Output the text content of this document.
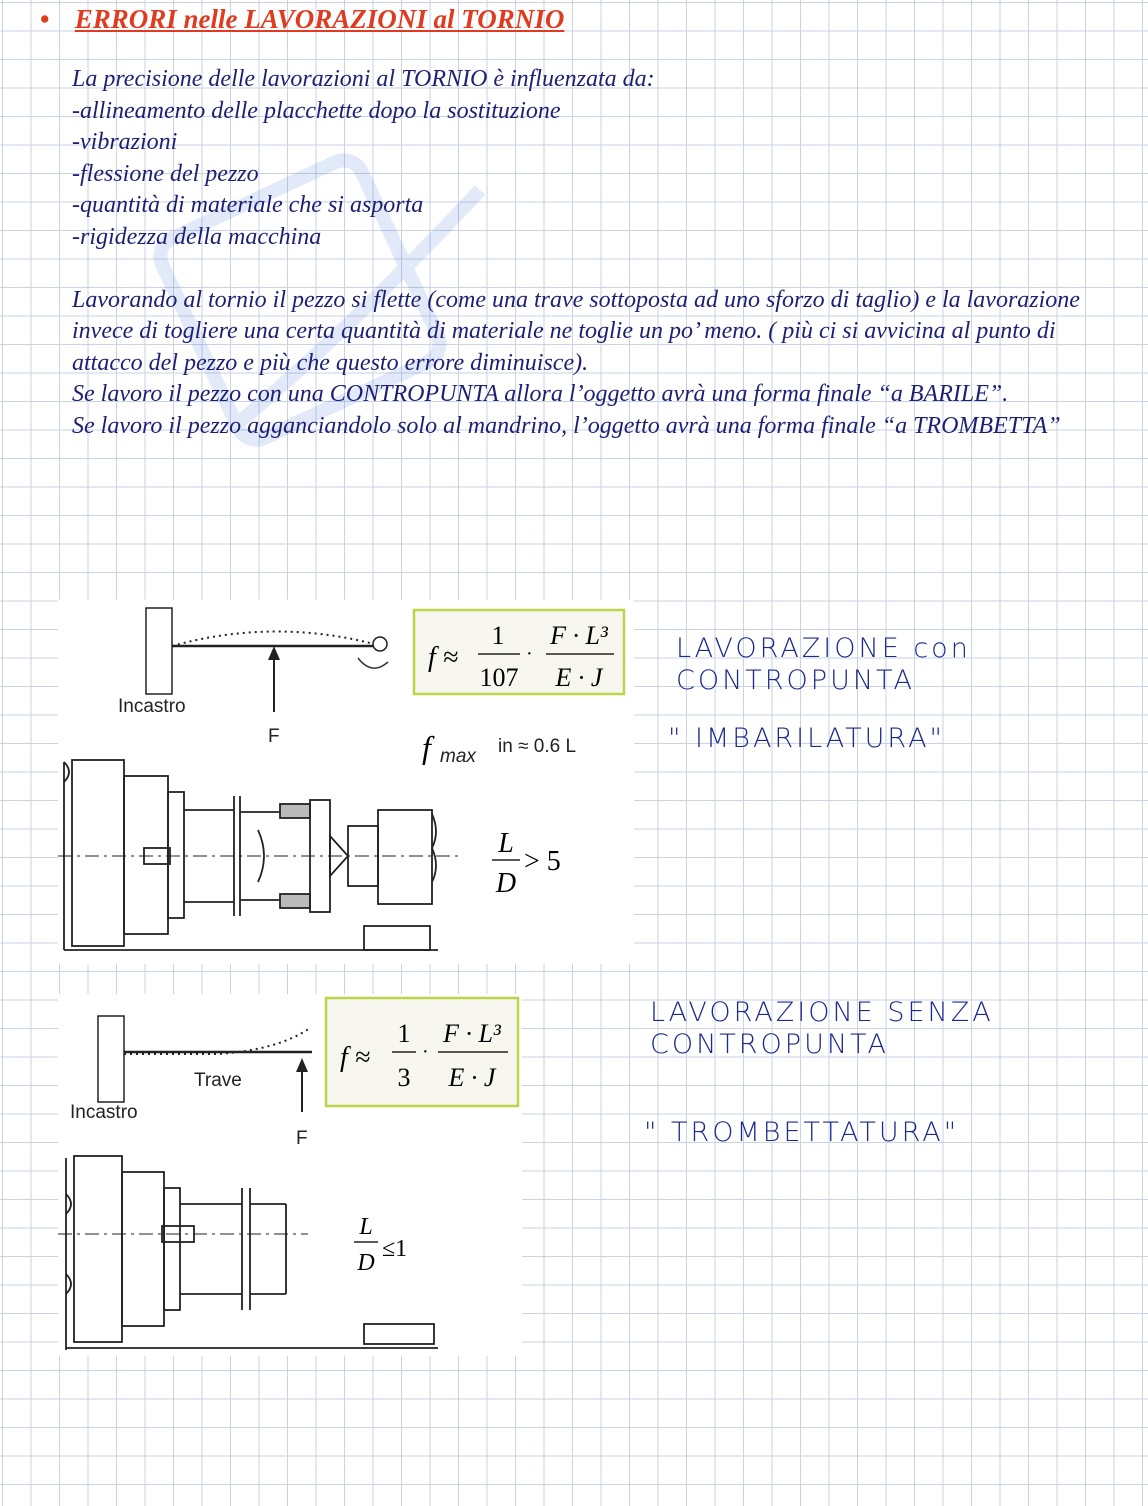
• ERRORI nelle LAVORAZIONI al TORNIO

La precisione delle lavorazioni al TORNIO è influenzata da:

-allineamento delle placchette dopo la sostituzione

-vibrazioni

-flessione del pezzo

-quantità di materiale che si asporta

-rigidezza della macchina

Lavorando al tornio il pezzo si flette (come una trave sottoposta ad uno sforzo di taglio) e la lavorazione invece di togliere una certa quantità di materiale ne toglie un po’ meno. ( più ci si avvicina al punto di attacco del pezzo e più che questo errore diminuisce).

Se lavoro il pezzo con una CONTROPUNTA allora l’oggetto avrà una forma finale “a BARILE”.

Se lavoro il pezzo agganciandolo solo al mandrino, l’oggetto avrà una forma finale “a TROMBETTA”

Incastro
F
f ≈
1
107
·
F · L³
E · J
f max in ≈ 0.6 L
L
D
> 5
Incastro
Trave
F
f ≈
1
3
·
F · L³
E · J
L
D
≤1
LAVORAZIONE con
CONTROPUNTA
" IMBARILATURA"
LAVORAZIONE SENZA
CONTROPUNTA
" TROMBETTATURA"
